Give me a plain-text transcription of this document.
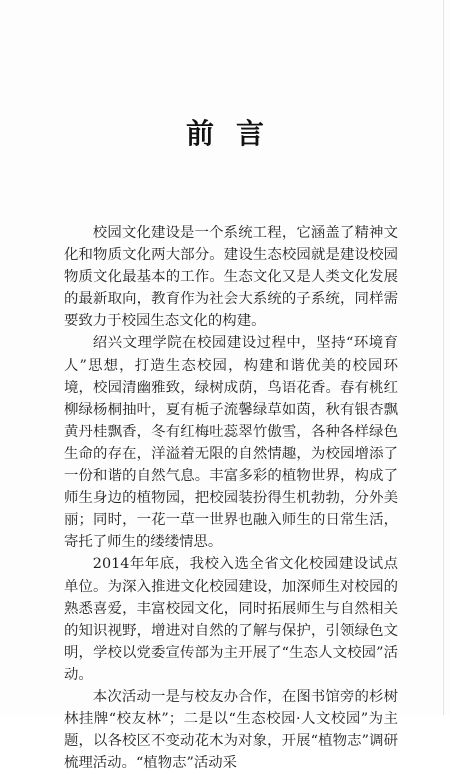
前言

校园文化建设是一个系统工程，它涵盖了精神文化和物质文化两大部分。建设生态校园就是建设校园物质文化最基本的工作。生态文化又是人类文化发展的最新取向，教育作为社会大系统的子系统，同样需要致力于校园生态文化的构建。

绍兴文理学院在校园建设过程中，坚持“环境育人”思想，打造生态校园，构建和谐优美的校园环境，校园清幽雅致，绿树成荫，鸟语花香。春有桃红柳绿杨桐抽叶，夏有栀子流馨绿草如茵，秋有银杏飘黄丹桂飘香，冬有红梅吐蕊翠竹傲雪，各种各样绿色生命的存在，洋溢着无限的自然情趣，为校园增添了一份和谐的自然气息。丰富多彩的植物世界，构成了师生身边的植物园，把校园装扮得生机勃勃，分外美丽；同时，一花一草一世界也融入师生的日常生活，寄托了师生的缕缕情思。

2014年年底，我校入选全省文化校园建设试点单位。为深入推进文化校园建设，加深师生对校园的熟悉喜爱，丰富校园文化，同时拓展师生与自然相关的知识视野，增进对自然的了解与保护，引领绿色文明，学校以党委宣传部为主开展了“生态人文校园”活动。

本次活动一是与校友办合作，在图书馆旁的杉树林挂牌“校友林”；二是以“生态校园·人文校园”为主题，以各校区不变动花木为对象，开展“植物志”调研梳理活动。“植物志”活动采
